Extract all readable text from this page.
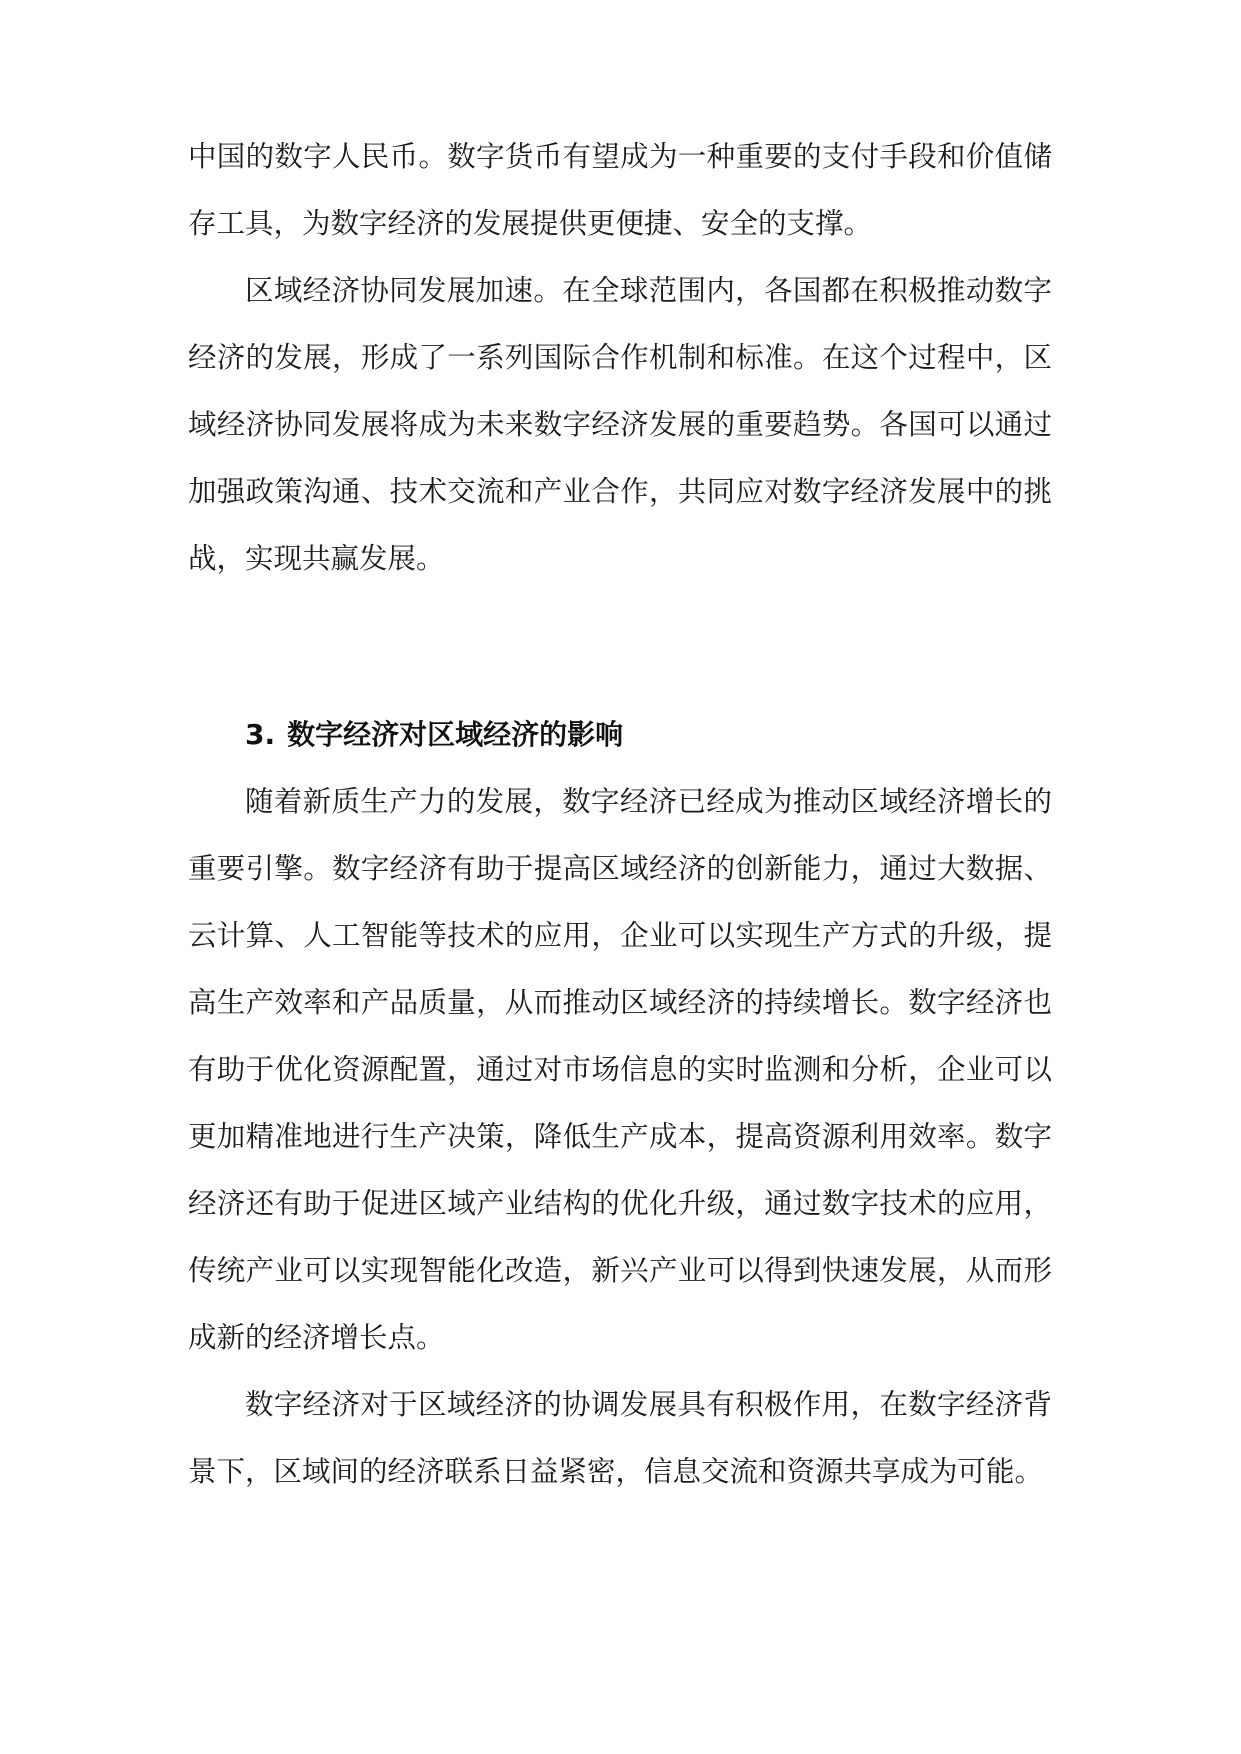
中国的数字人民币。数字货币有望成为一种重要的支付手段和价值储存工具，为数字经济的发展提供更便捷、安全的支撑。

区域经济协同发展加速。在全球范围内，各国都在积极推动数字经济的发展，形成了一系列国际合作机制和标准。在这个过程中，区域经济协同发展将成为未来数字经济发展的重要趋势。各国可以通过加强政策沟通、技术交流和产业合作，共同应对数字经济发展中的挑战，实现共赢发展。

3. 数字经济对区域经济的影响

随着新质生产力的发展，数字经济已经成为推动区域经济增长的重要引擎。数字经济有助于提高区域经济的创新能力，通过大数据、云计算、人工智能等技术的应用，企业可以实现生产方式的升级，提高生产效率和产品质量，从而推动区域经济的持续增长。数字经济也有助于优化资源配置，通过对市场信息的实时监测和分析，企业可以更加精准地进行生产决策，降低生产成本，提高资源利用效率。数字经济还有助于促进区域产业结构的优化升级，通过数字技术的应用，传统产业可以实现智能化改造，新兴产业可以得到快速发展，从而形成新的经济增长点。

数字经济对于区域经济的协调发展具有积极作用，在数字经济背景下，区域间的经济联系日益紧密，信息交流和资源共享成为可能。
